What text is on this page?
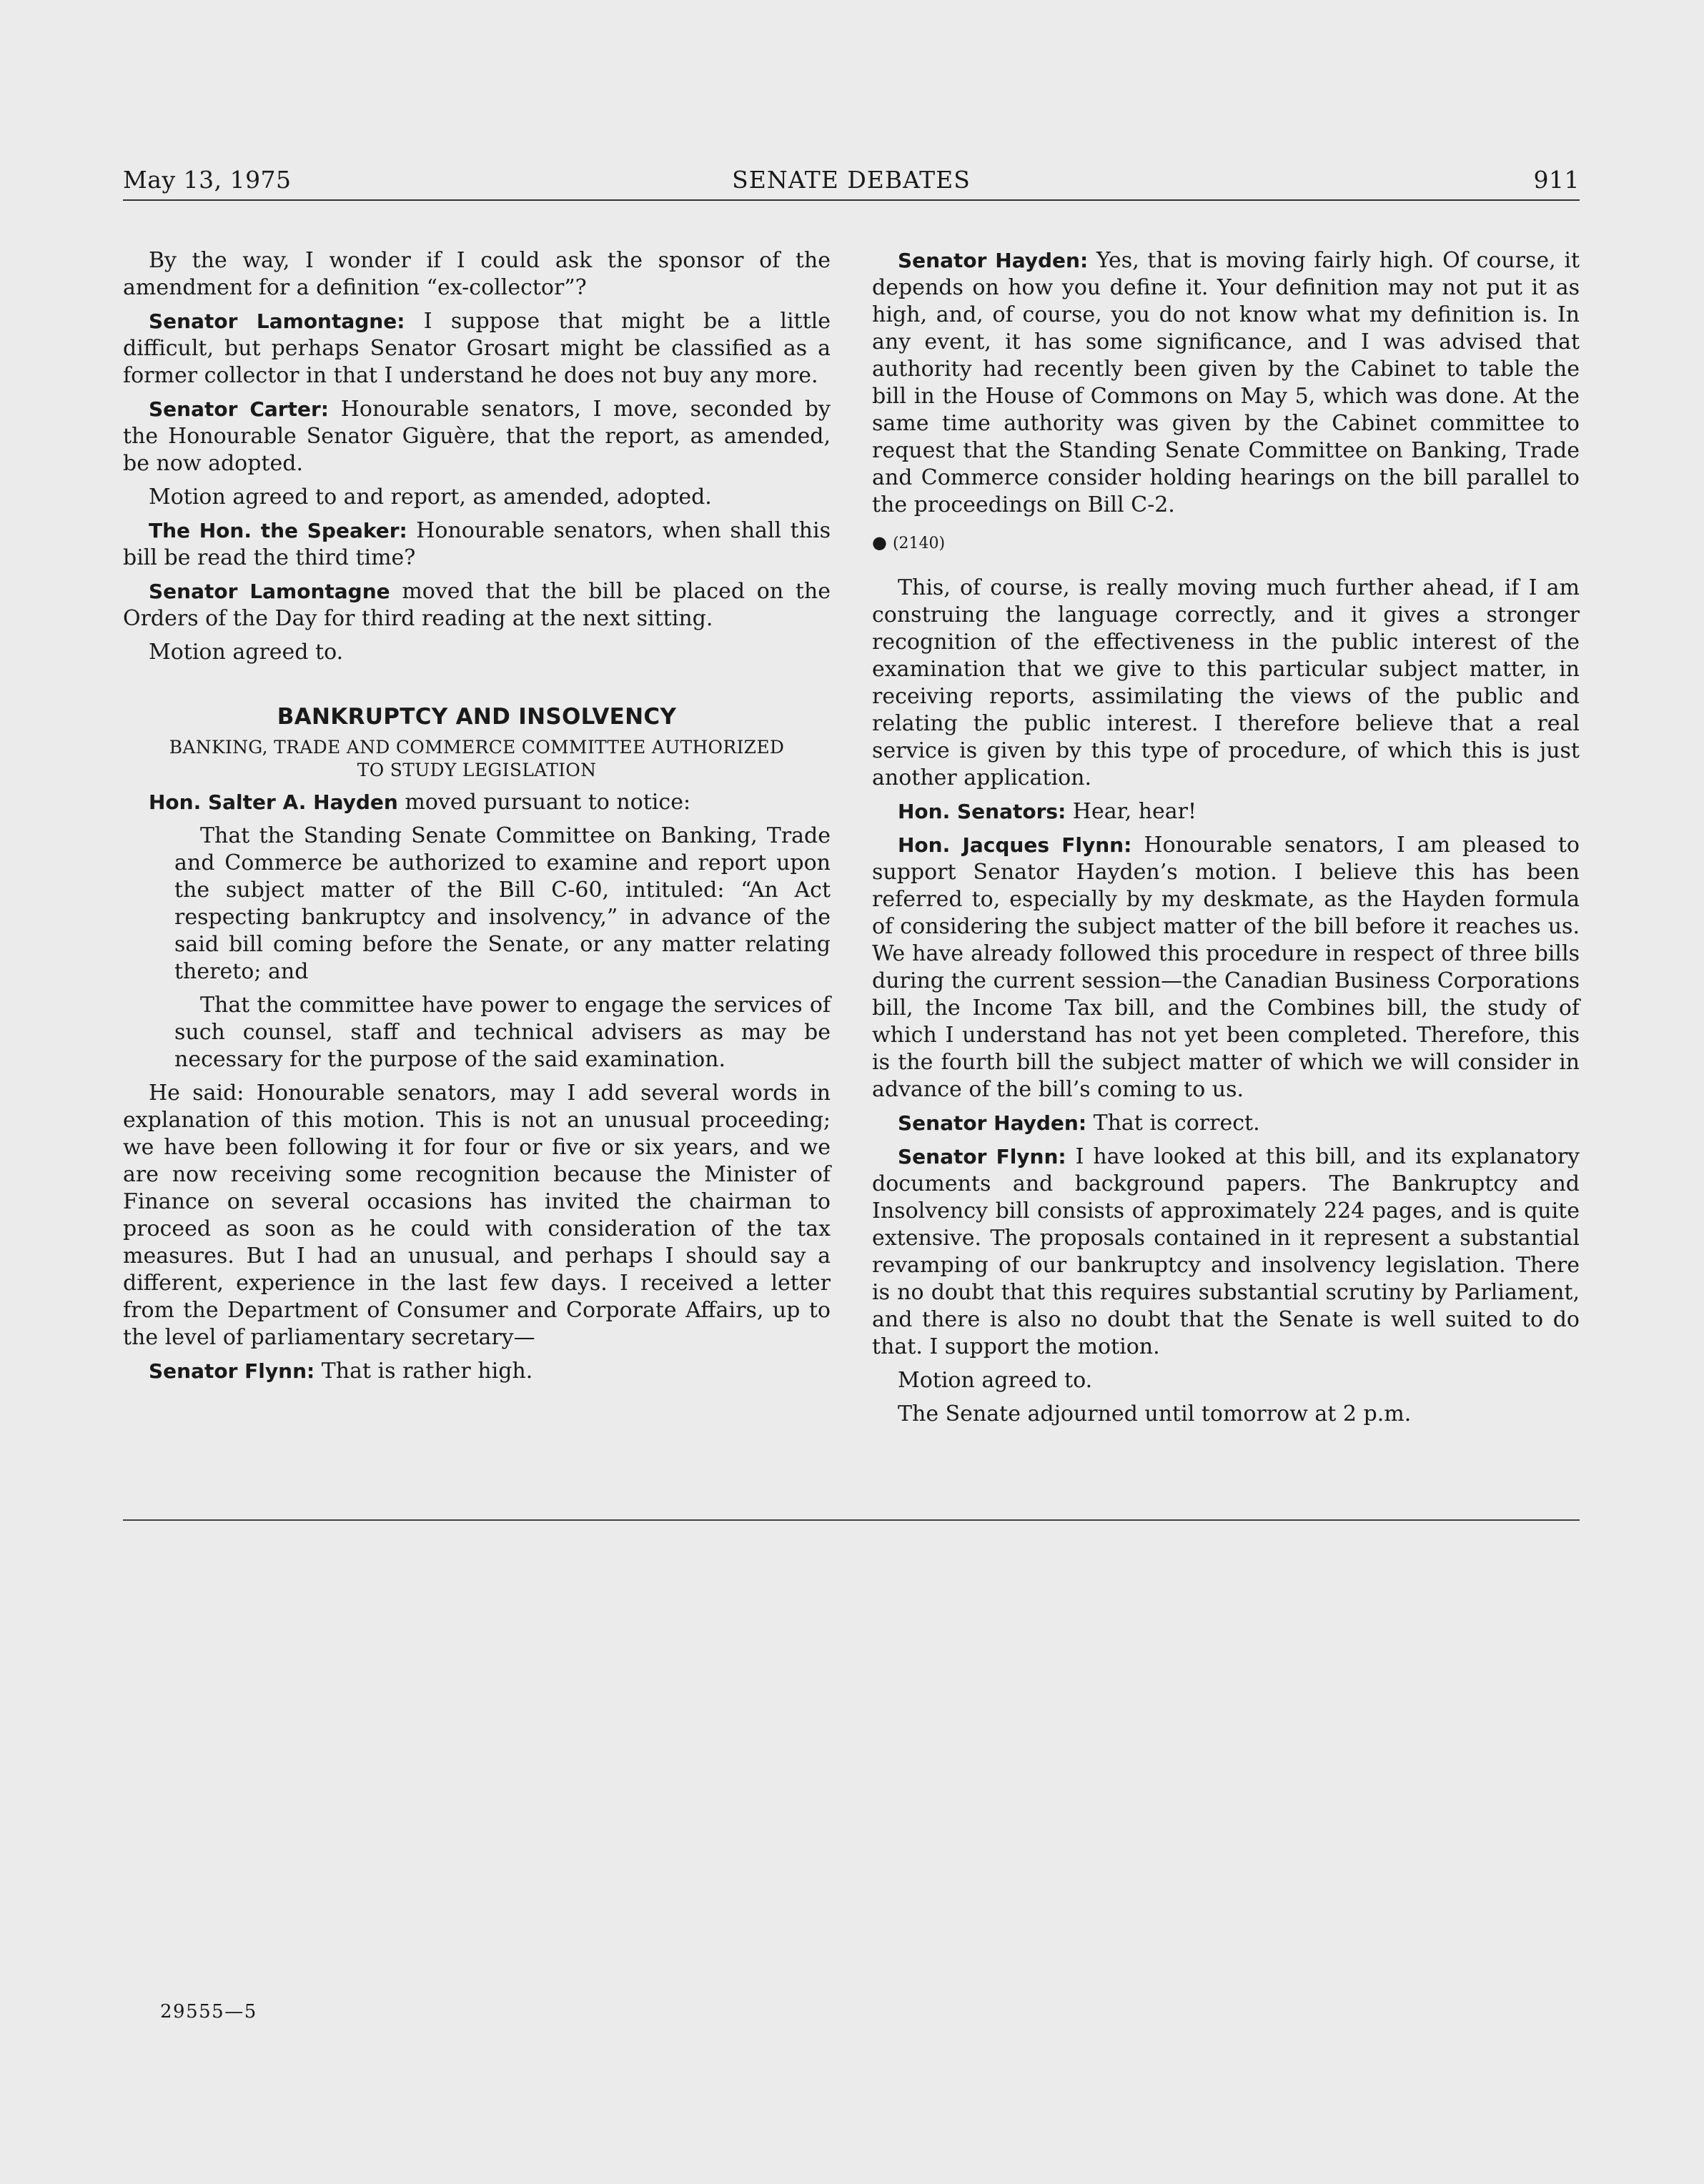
May 13, 1975	SENATE DEBATES	911

By the way, I wonder if I could ask the sponsor of the amendment for a definition “ex-collector”?

Senator Lamontagne: I suppose that might be a little difficult, but perhaps Senator Grosart might be classified as a former collector in that I understand he does not buy any more.

Senator Carter: Honourable senators, I move, seconded by the Honourable Senator Giguère, that the report, as amended, be now adopted.

Motion agreed to and report, as amended, adopted.

The Hon. the Speaker: Honourable senators, when shall this bill be read the third time?

Senator Lamontagne moved that the bill be placed on the Orders of the Day for third reading at the next sitting.

Motion agreed to.

BANKRUPTCY AND INSOLVENCY
BANKING, TRADE AND COMMERCE COMMITTEE AUTHORIZED
TO STUDY LEGISLATION

Hon. Salter A. Hayden moved pursuant to notice:

That the Standing Senate Committee on Banking, Trade and Commerce be authorized to examine and report upon the subject matter of the Bill C-60, intituled: “An Act respecting bankruptcy and insolvency,” in advance of the said bill coming before the Senate, or any matter relating thereto; and

That the committee have power to engage the services of such counsel, staff and technical advisers as may be necessary for the purpose of the said examination.

He said: Honourable senators, may I add several words in explanation of this motion. This is not an unusual proceeding; we have been following it for four or five or six years, and we are now receiving some recognition because the Minister of Finance on several occasions has invited the chairman to proceed as soon as he could with consideration of the tax measures. But I had an unusual, and perhaps I should say a different, experience in the last few days. I received a letter from the Department of Consumer and Corporate Affairs, up to the level of parliamentary secretary—

Senator Flynn: That is rather high.

Senator Hayden: Yes, that is moving fairly high. Of course, it depends on how you define it. Your definition may not put it as high, and, of course, you do not know what my definition is. In any event, it has some significance, and I was advised that authority had recently been given by the Cabinet to table the bill in the House of Commons on May 5, which was done. At the same time authority was given by the Cabinet committee to request that the Standing Senate Committee on Banking, Trade and Commerce consider holding hearings on the bill parallel to the proceedings on Bill C-2.

● (2140)

This, of course, is really moving much further ahead, if I am construing the language correctly, and it gives a stronger recognition of the effectiveness in the public interest of the examination that we give to this particular subject matter, in receiving reports, assimilating the views of the public and relating the public interest. I therefore believe that a real service is given by this type of procedure, of which this is just another application.

Hon. Senators: Hear, hear!

Hon. Jacques Flynn: Honourable senators, I am pleased to support Senator Hayden’s motion. I believe this has been referred to, especially by my deskmate, as the Hayden formula of considering the subject matter of the bill before it reaches us. We have already followed this procedure in respect of three bills during the current session—the Canadian Business Corporations bill, the Income Tax bill, and the Combines bill, the study of which I understand has not yet been completed. Therefore, this is the fourth bill the subject matter of which we will consider in advance of the bill’s coming to us.

Senator Hayden: That is correct.

Senator Flynn: I have looked at this bill, and its explanatory documents and background papers. The Bankruptcy and Insolvency bill consists of approximately 224 pages, and is quite extensive. The proposals contained in it represent a substantial revamping of our bankruptcy and insolvency legislation. There is no doubt that this requires substantial scrutiny by Parliament, and there is also no doubt that the Senate is well suited to do that. I support the motion.

Motion agreed to.

The Senate adjourned until tomorrow at 2 p.m.

29555—5
